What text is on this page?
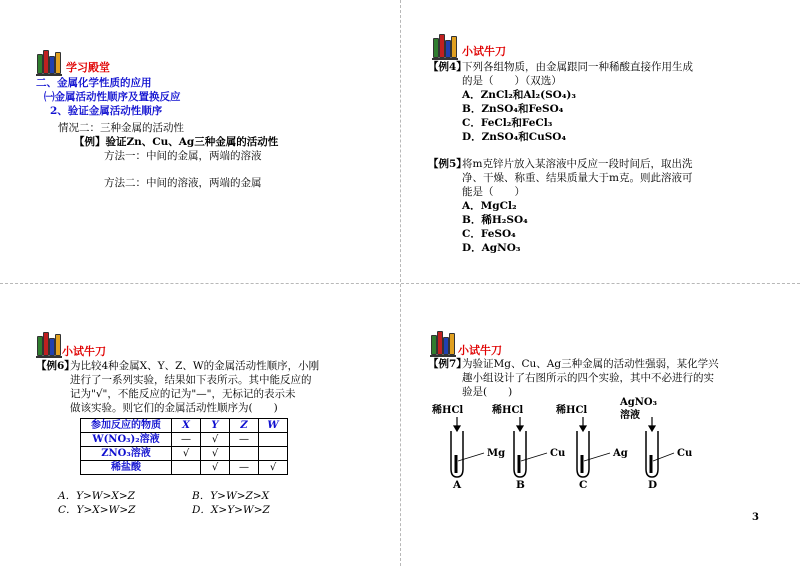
学习殿堂
二、金属化学性质的应用
㈠金属活动性顺序及置换反应
2、验证金属活动性顺序
情况二：三种金属的活动性
【例】验证Zn、Cu、Ag三种金属的活动性
方法一：中间的金属，两端的溶液
方法二：中间的溶液，两端的金属
小试牛刀
【例4】
下列各组物质，由金属跟同一种稀酸直接作用生成
的是（　　）（双选）
A．ZnCl₂和Al₂(SO₄)₃
B．ZnSO₄和FeSO₄
C．FeCl₂和FeCl₃
D．ZnSO₄和CuSO₄
【例5】
将m克锌片放入某溶液中反应一段时间后，取出洗
净、干燥、称重、结果质量大于m克。则此溶液可
能是（　　）
A．MgCl₂
B．稀H₂SO₄
C．FeSO₄
D．AgNO₃
小试牛刀
【例6】
为比较4种金属X、Y、Z、W的金属活动性顺序，小刚
进行了一系列实验，结果如下表所示。其中能反应的
记为"√"，不能反应的记为"—"，无标记的表示未
做该实验。则它们的金属活动性顺序为(　　)
参加反应的物质	X	Y	Z	W
W(NO₃)₂溶液	—	√	—	
ZNO₃溶液	√	√		
稀盐酸		√	—	√
A．Y>W>X>Z	B．Y>W>Z>X
C．Y>X>W>Z	D．X>Y>W>Z
小试牛刀
【例7】
为验证Mg、Cu、Ag三种金属的活动性强弱，某化学兴
趣小组设计了右图所示的四个实验，其中不必进行的实
验是(　　)
稀HCl	稀HCl	稀HCl
AgNO₃
溶液
Mg	Cu	Ag	Cu
A	B	C	D
3
